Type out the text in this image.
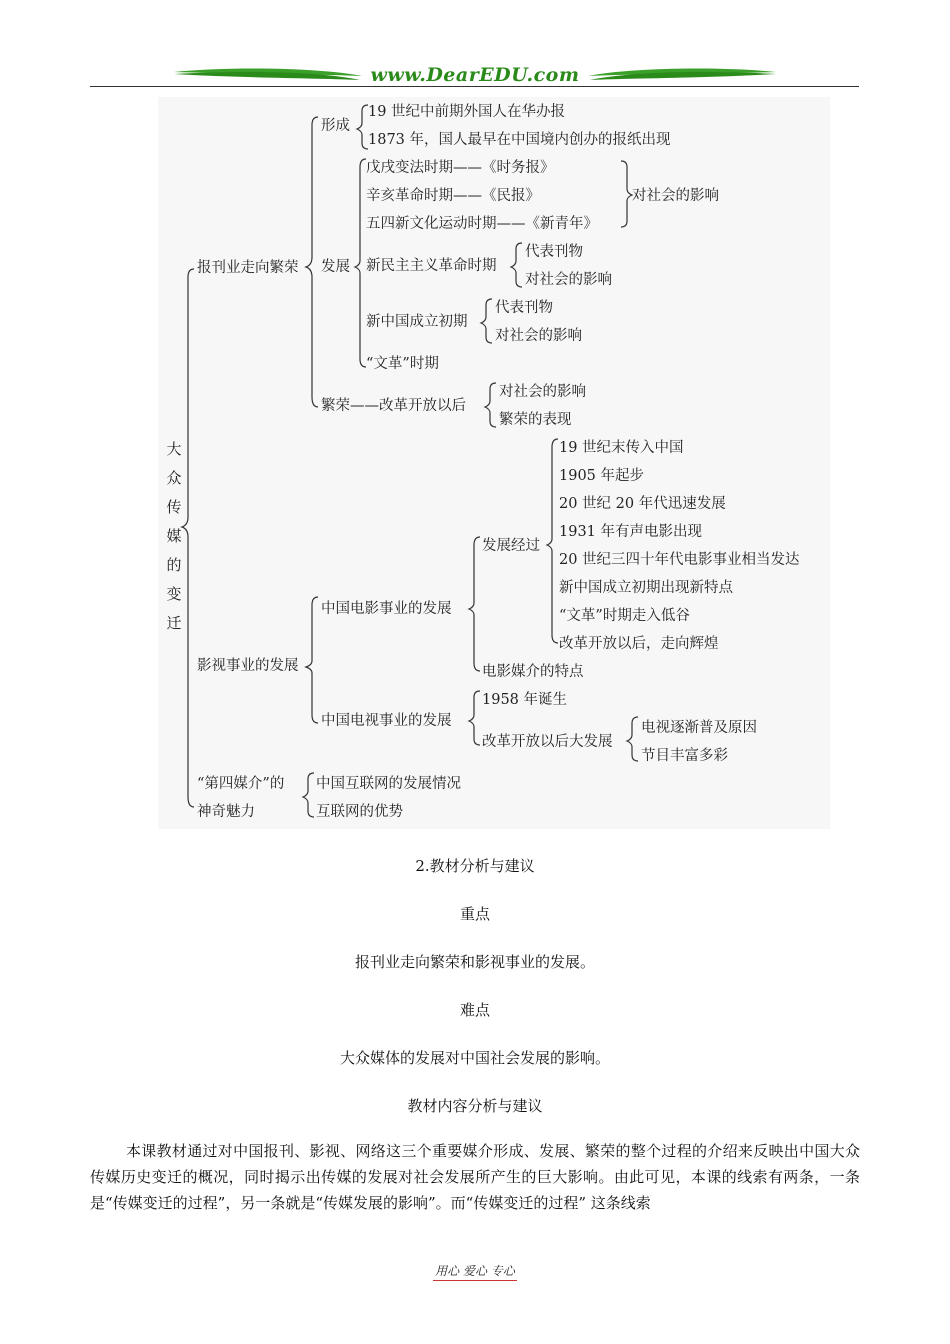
www.DearEDU.com
大众传媒的变迁
报刊业走向繁荣
形成
19 世纪中前期外国人在华办报
1873 年，国人最早在中国境内创办的报纸出现
发展
戊戌变法时期——《时务报》
辛亥革命时期——《民报》
五四新文化运动时期——《新青年》
对社会的影响
新民主主义革命时期
代表刊物
对社会的影响
新中国成立初期
代表刊物
对社会的影响
“文革”时期
繁荣——改革开放以后
对社会的影响
繁荣的表现
影视事业的发展
中国电影事业的发展
发展经过
19 世纪末传入中国
1905 年起步
20 世纪 20 年代迅速发展
1931 年有声电影出现
20 世纪三四十年代电影事业相当发达
新中国成立初期出现新特点
“文革”时期走入低谷
改革开放以后，走向辉煌
电影媒介的特点
中国电视事业的发展
1958 年诞生
改革开放以后大发展
电视逐渐普及原因
节目丰富多彩
“第四媒介”的
神奇魅力
中国互联网的发展情况
互联网的优势
2.教材分析与建议
重点
报刊业走向繁荣和影视事业的发展。
难点
大众媒体的发展对中国社会发展的影响。
教材内容分析与建议
本课教材通过对中国报刊、影视、网络这三个重要媒介形成、发展、繁荣的整个过程的介绍来反映出中国大众传媒历史变迁的概况，同时揭示出传媒的发展对社会发展所产生的巨大影响。由此可见，本课的线索有两条，一条是“传媒变迁的过程”，另一条就是“传媒发展的影响”。而“传媒变迁的过程” 这条线索
用心 爱心 专心
